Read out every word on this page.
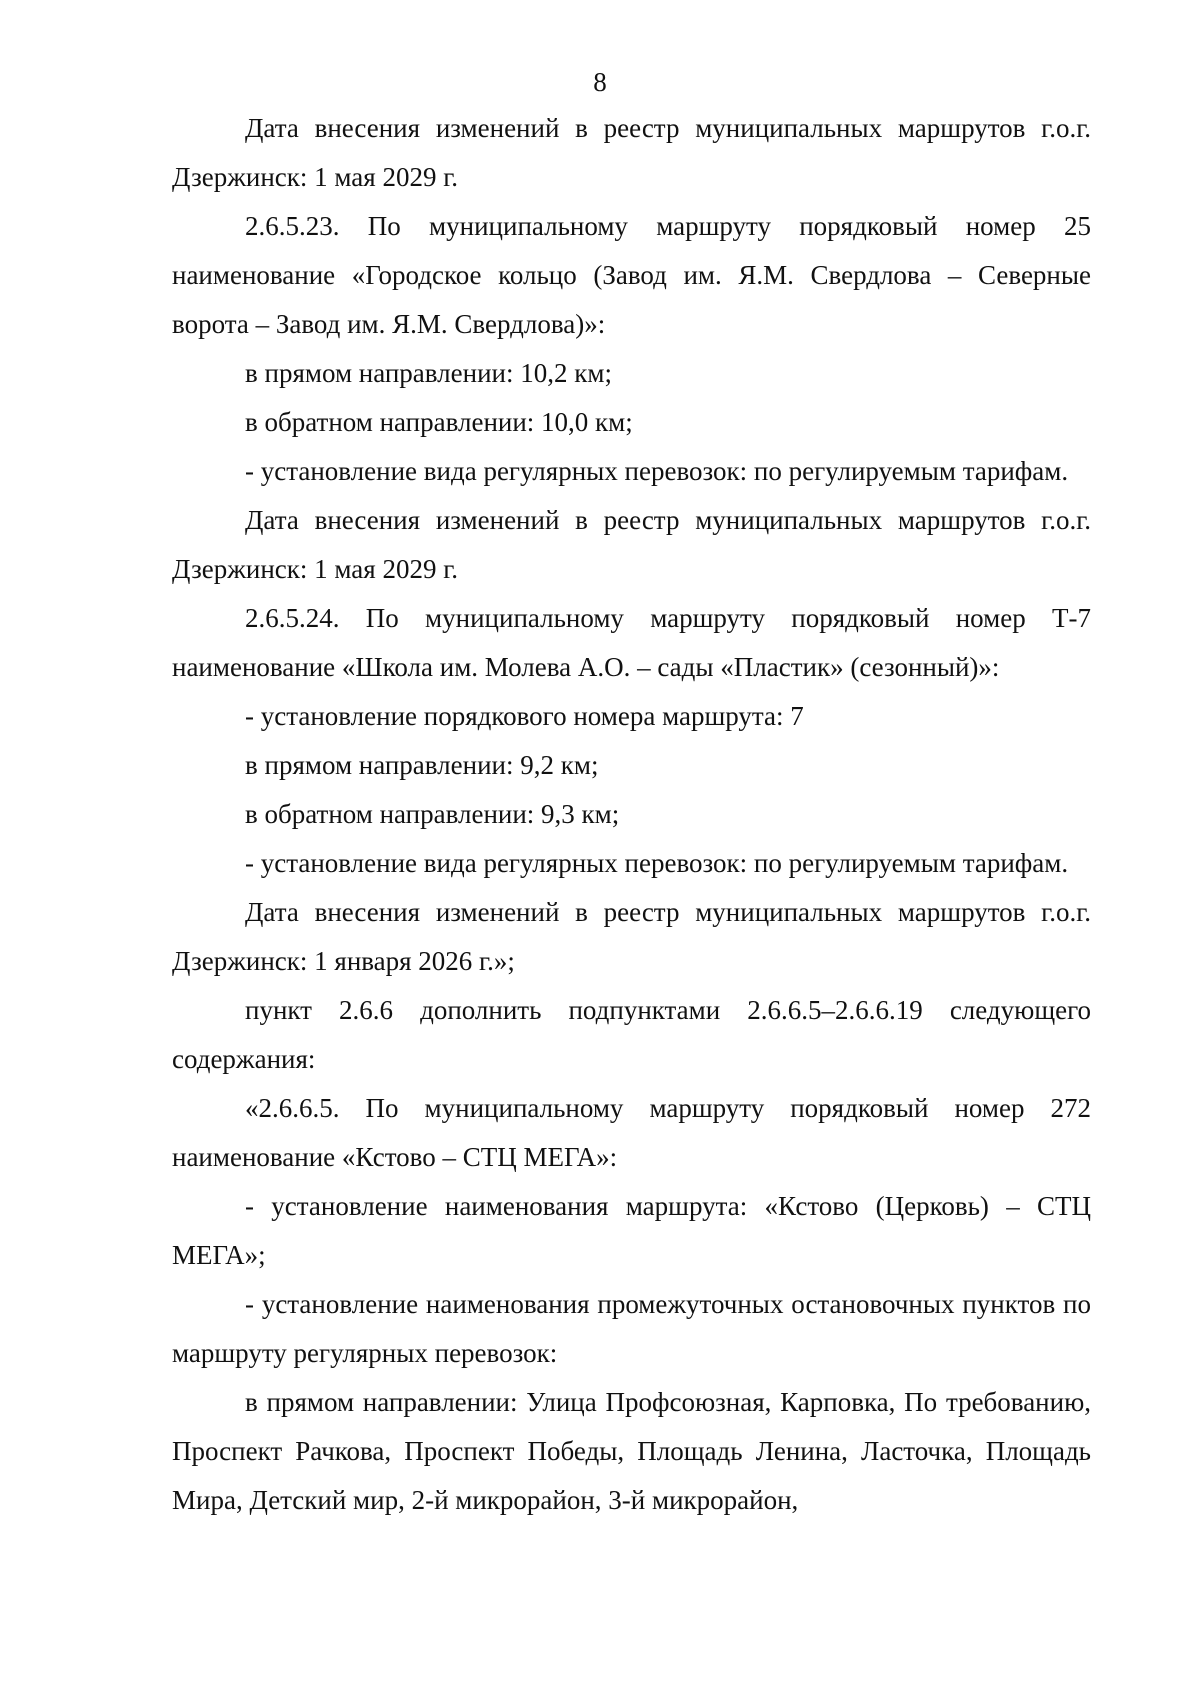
8

Дата внесения изменений в реестр муниципальных маршрутов г.о.г. Дзержинск: 1 мая 2029 г.

2.6.5.23. По муниципальному маршруту порядковый номер 25 наименование «Городское кольцо (Завод им. Я.М. Свердлова – Северные ворота – Завод им. Я.М. Свердлова)»:

в прямом направлении: 10,2 км;

в обратном направлении: 10,0 км;

- установление вида регулярных перевозок: по регулируемым тарифам.

Дата внесения изменений в реестр муниципальных маршрутов г.о.г. Дзержинск: 1 мая 2029 г.

2.6.5.24. По муниципальному маршруту порядковый номер Т-7 наименование «Школа им. Молева А.О. – сады «Пластик» (сезонный)»:

- установление порядкового номера маршрута: 7

в прямом направлении: 9,2 км;

в обратном направлении: 9,3 км;

- установление вида регулярных перевозок: по регулируемым тарифам.

Дата внесения изменений в реестр муниципальных маршрутов г.о.г. Дзержинск: 1 января 2026 г.»;

пункт 2.6.6 дополнить подпунктами 2.6.6.5–2.6.6.19 следующего содержания:

«2.6.6.5. По муниципальному маршруту порядковый номер 272 наименование «Кстово – СТЦ МЕГА»:

- установление наименования маршрута: «Кстово (Церковь) – СТЦ МЕГА»;

- установление наименования промежуточных остановочных пунктов по маршруту регулярных перевозок:

в прямом направлении: Улица Профсоюзная, Карповка, По требованию, Проспект Рачкова, Проспект Победы, Площадь Ленина, Ласточка, Площадь Мира, Детский мир, 2-й микрорайон, 3-й микрорайон,
